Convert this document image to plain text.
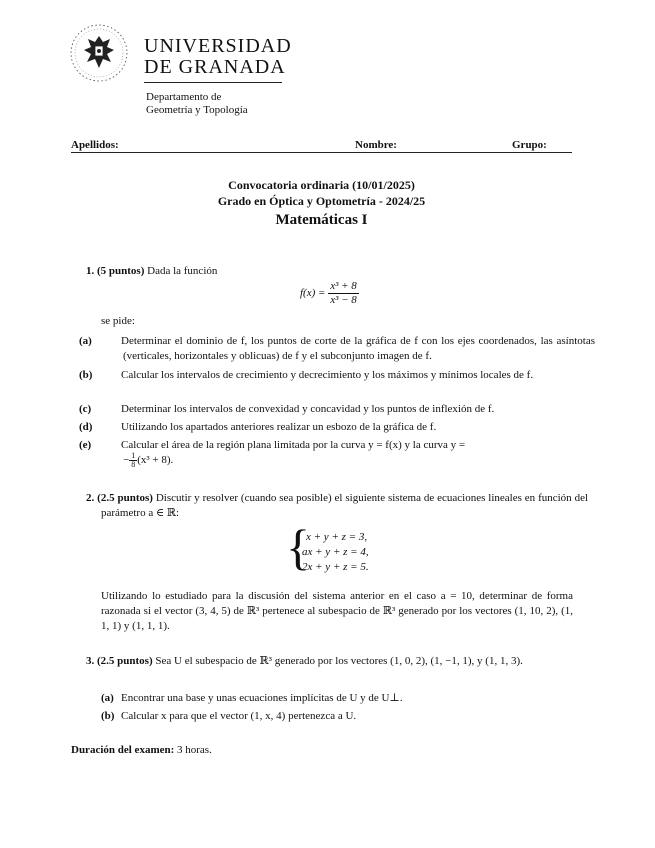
UNIVERSIDAD
DE GRANADA
Departamento de
Geometría y Topología
Apellidos:	Nombre:	Grupo:
Convocatoria ordinaria (10/01/2025)
Grado en Óptica y Optometría - 2024/25
Matemáticas I
1. (5 puntos) Dada la función
$f(x) = \frac{\text{x³ + 8}}{\text{x³ − 8}}$
se pide:
(a)	Determinar el dominio de f, los puntos de corte de la gráfica de f con los ejes coordenados, las asíntotas (verticales, horizontales y oblicuas) de f y el subconjunto imagen de f.
(b)	Calcular los intervalos de crecimiento y decrecimiento y los máximos y mínimos locales de f.
(c)	Determinar los intervalos de convexidad y concavidad y los puntos de inflexión de f.
(d)	Utilizando los apartados anteriores realizar un esbozo de la gráfica de f.
(e)	Calcular el área de la región plana limitada por la curva y = f(x) y la curva y =
− $\frac{1}{8} (x^3 + 8)$.
2. (2.5 puntos) Discutir y resolver (cuando sea posible) el siguiente sistema de ecuaciones lineales en función del parámetro a ∈ ℝ:
{
x + y + z = 3,
ax + y + z = 4,
2x + y + z = 5.
Utilizando lo estudiado para la discusión del sistema anterior en el caso a = 10, determinar de forma razonada si el vector (3, 4, 5) de ℝ³ pertenece al subespacio de ℝ³ generado por los vectores (1, 10, 2), (1, 1, 1) y (1, 1, 1).
3. (2.5 puntos) Sea U el subespacio de ℝ³ generado por los vectores (1, 0, 2), (1, −1, 1), y (1, 1, 3).
(a) Encontrar una base y unas ecuaciones implícitas de U y de U⊥.
(b) Calcular x para que el vector (1, x, 4) pertenezca a U.
Duración del examen: 3 horas.
